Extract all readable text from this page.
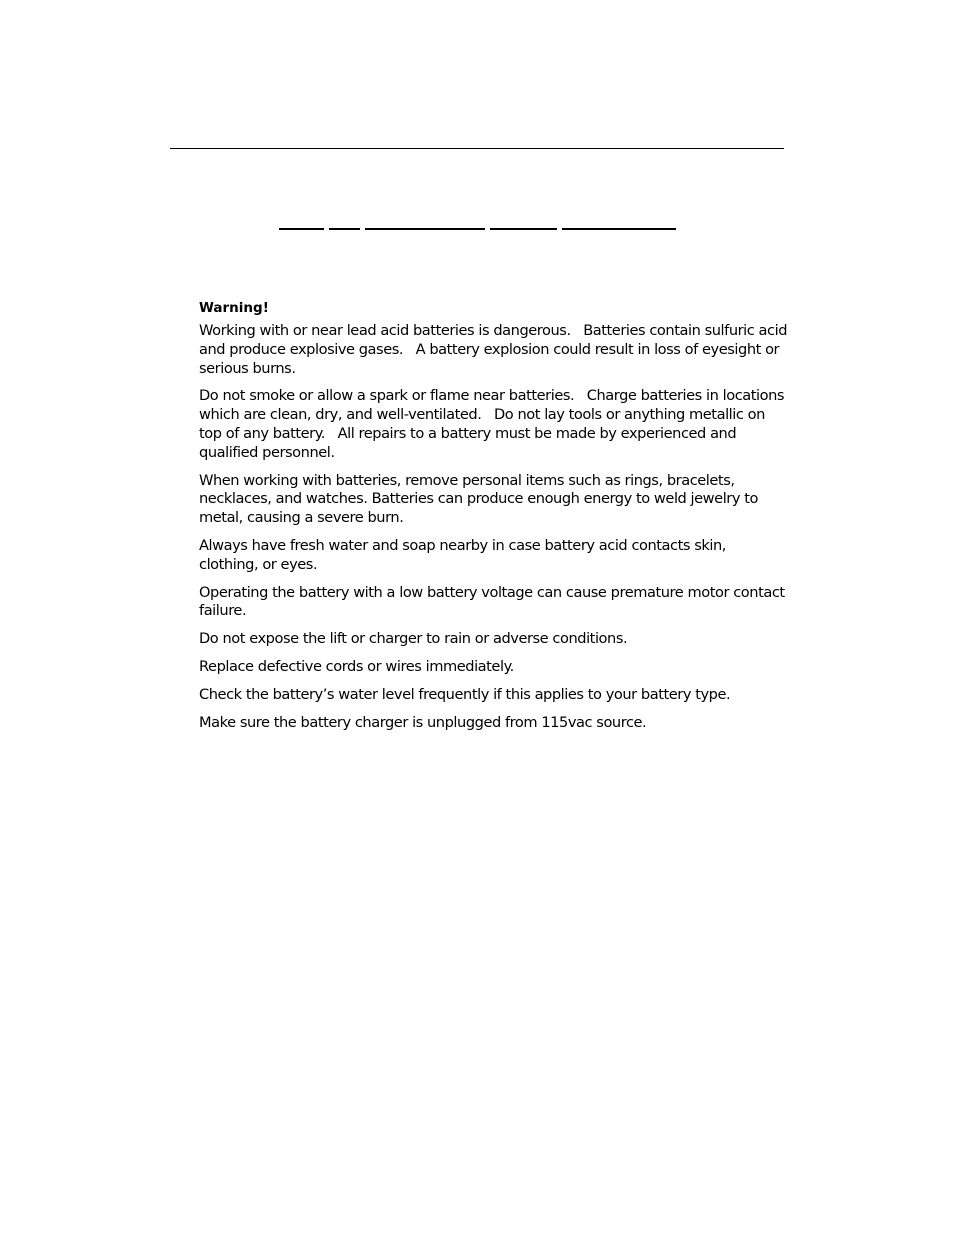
Warning!

Working with or near lead acid batteries is dangerous.   Batteries contain sulfuric acid and produce explosive gases.   A battery explosion could result in loss of eyesight or serious burns.

Do not smoke or allow a spark or flame near batteries.   Charge batteries in locations which are clean, dry, and well-ventilated.   Do not lay tools or anything metallic on top of any battery.   All repairs to a battery must be made by experienced and qualified personnel.

When working with batteries, remove personal items such as rings, bracelets, necklaces, and watches. Batteries can produce enough energy to weld jewelry to metal, causing a severe burn.

Always have fresh water and soap nearby in case battery acid contacts skin, clothing, or eyes.

Operating the battery with a low battery voltage can cause premature motor contact failure.

Do not expose the lift or charger to rain or adverse conditions.

Replace defective cords or wires immediately.

Check the battery’s water level frequently if this applies to your battery type.

Make sure the battery charger is unplugged from 115vac source.
